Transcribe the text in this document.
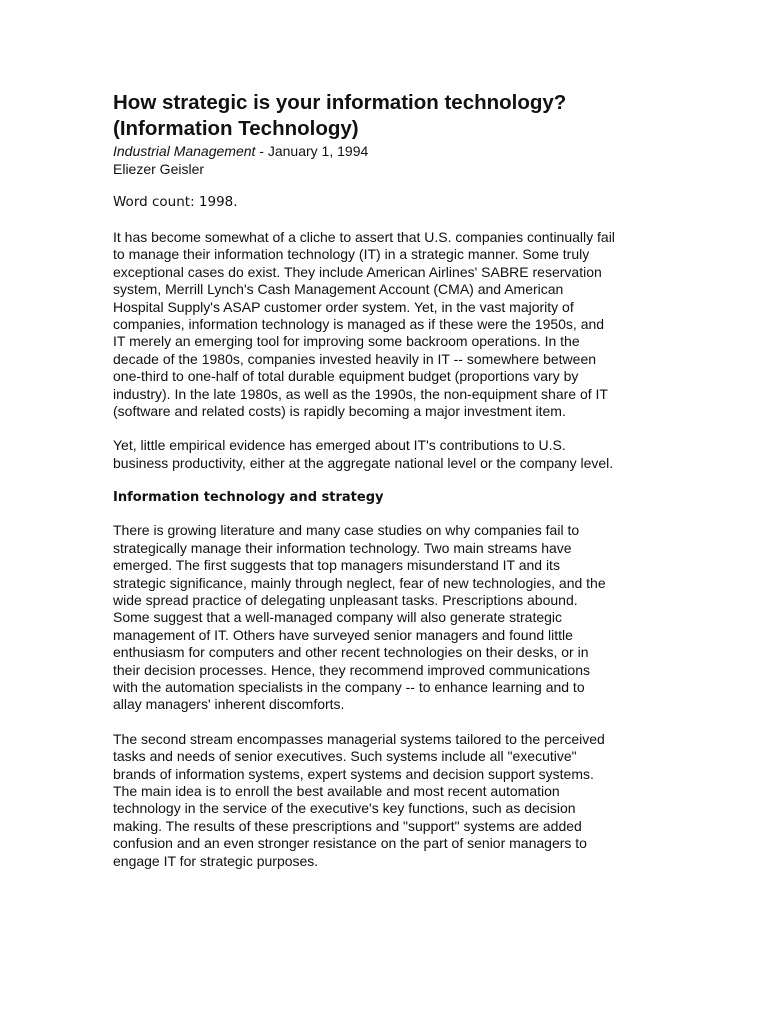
How strategic is your information technology?
(Information Technology)

Industrial Management - January 1, 1994

Eliezer Geisler

Word count: 1998.

It has become somewhat of a cliche to assert that U.S. companies continually fail
to manage their information technology (IT) in a strategic manner. Some truly
exceptional cases do exist. They include American Airlines' SABRE reservation
system, Merrill Lynch's Cash Management Account (CMA) and American
Hospital Supply's ASAP customer order system. Yet, in the vast majority of
companies, information technology is managed as if these were the 1950s, and
IT merely an emerging tool for improving some backroom operations. In the
decade of the 1980s, companies invested heavily in IT -- somewhere between
one-third to one-half of total durable equipment budget (proportions vary by
industry). In the late 1980s, as well as the 1990s, the non-equipment share of IT
(software and related costs) is rapidly becoming a major investment item.

Yet, little empirical evidence has emerged about IT's contributions to U.S.
business productivity, either at the aggregate national level or the company level.

Information technology and strategy

There is growing literature and many case studies on why companies fail to
strategically manage their information technology. Two main streams have
emerged. The first suggests that top managers misunderstand IT and its
strategic significance, mainly through neglect, fear of new technologies, and the
wide spread practice of delegating unpleasant tasks. Prescriptions abound.
Some suggest that a well-managed company will also generate strategic
management of IT. Others have surveyed senior managers and found little
enthusiasm for computers and other recent technologies on their desks, or in
their decision processes. Hence, they recommend improved communications
with the automation specialists in the company -- to enhance learning and to
allay managers' inherent discomforts.

The second stream encompasses managerial systems tailored to the perceived
tasks and needs of senior executives. Such systems include all "executive"
brands of information systems, expert systems and decision support systems.
The main idea is to enroll the best available and most recent automation
technology in the service of the executive's key functions, such as decision
making. The results of these prescriptions and "support" systems are added
confusion and an even stronger resistance on the part of senior managers to
engage IT for strategic purposes.
